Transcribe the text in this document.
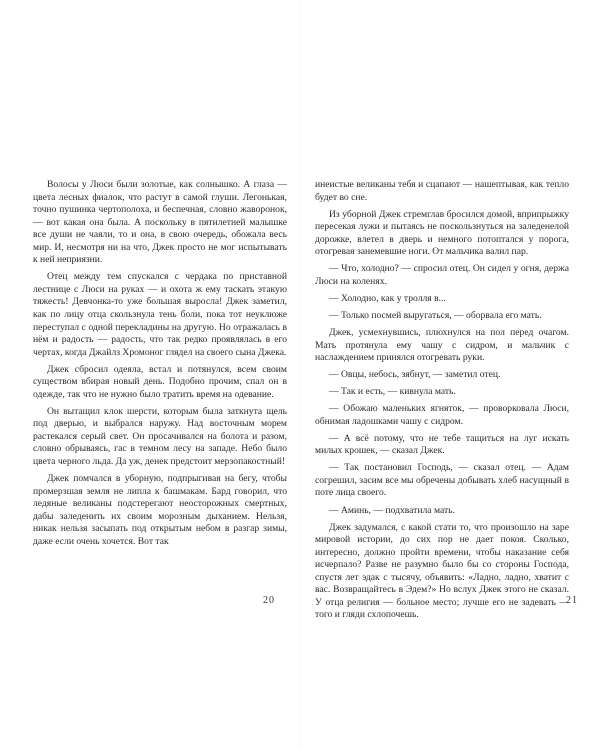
Волосы у Люси были золотые, как солнышко. А глаза — цвета лесных фиалок, что растут в самой глуши. Легонькая, точно пушинка чертополоха, и беспечная, словно жаворонок, — вот какая она была. А поскольку в пятилетней малышке все души не чаяли, то и она, в свою очередь, обожала весь мир. И, несмотря ни на что, Джек просто не мог испытывать к ней неприязни.

Отец между тем спускался с чердака по приставной лестнице с Люси на руках — и охота ж ему таскать этакую тяжесть! Девчонка-то уже большая выросла! Джек заметил, как по лицу отца скользнула тень боли, пока тот неуклюже переступал с одной перекладины на другую. Но отражалась в нём и радость — радость, что так редко проявлялась в его чертах, когда Джайлз Хромоног глядел на своего сына Джека.

Джек сбросил одеяла, встал и потянулся, всем своим существом вбирая новый день. Подобно прочим, спал он в одежде, так что не нужно было тратить время на одевание.

Он вытащил клок шерсти, которым была заткнута щель под дверью, и выбрался наружу. Над восточным морем растекался серый свет. Он просачивался на болота и разом, словно обрываясь, гас в темном лесу на западе. Небо было цвета черного льда. Да уж, денек предстоит мерзопакостный!

Джек помчался в уборную, подпрыгивая на бегу, чтобы промерзшая земля не липла к башмакам. Бард говорил, что ледяные великаны подстерегают неосторожных смертных, дабы заледенить их своим морозным дыханием. Нельзя, никак нельзя засыпать под открытым небом в разгар зимы, даже если очень хочется. Вот так

20

инеистые великаны тебя и сцапают — нашептывая, как тепло будет во сне.

Из уборной Джек стремглав бросился домой, вприпрыжку пересекая лужи и пытаясь не поскользнуться на заледенелой дорожке, влетел в дверь и немного потоптался у порога, отогревая занемевшие ноги. От мальчика валил пар.

— Что, холодно? — спросил отец. Он сидел у огня, держа Люси на коленях.

— Холодно, как у тролля в...

— Только посмей выругаться, — оборвала его мать.

Джек, усмехнувшись, плюхнулся на пол перед очагом. Мать протянула ему чашу с сидром, и мальчик с наслаждением принялся отогревать руки.

— Овцы, небось, зябнут, — заметил отец.

— Так и есть, — кивнула мать.

— Обожаю маленьких ягняток, — проворковала Люси, обнимая ладошками чашу с сидром.

— А всё потому, что не тебе тащиться на луг искать милых крошек, — сказал Джек.

— Так постановил Господь, — сказал отец. — Адам согрешил, засим все мы обречены добывать хлеб насущный в поте лица своего.

— Аминь, — подхватила мать.

Джек задумался, с какой стати то, что произошло на заре мировой истории, до сих пор не дает покоя. Сколько, интересно, должно пройти времени, чтобы наказание себя исчерпало? Разве не разумно было бы со стороны Господа, спустя лет эдак с тысячу, объявить: «Ладно, ладно, хватит с вас. Возвращайтесь в Эдем?» Но вслух Джек этого не сказал. У отца религия — больное место; лучше его не задевать — того и гляди схлопочешь.

21
